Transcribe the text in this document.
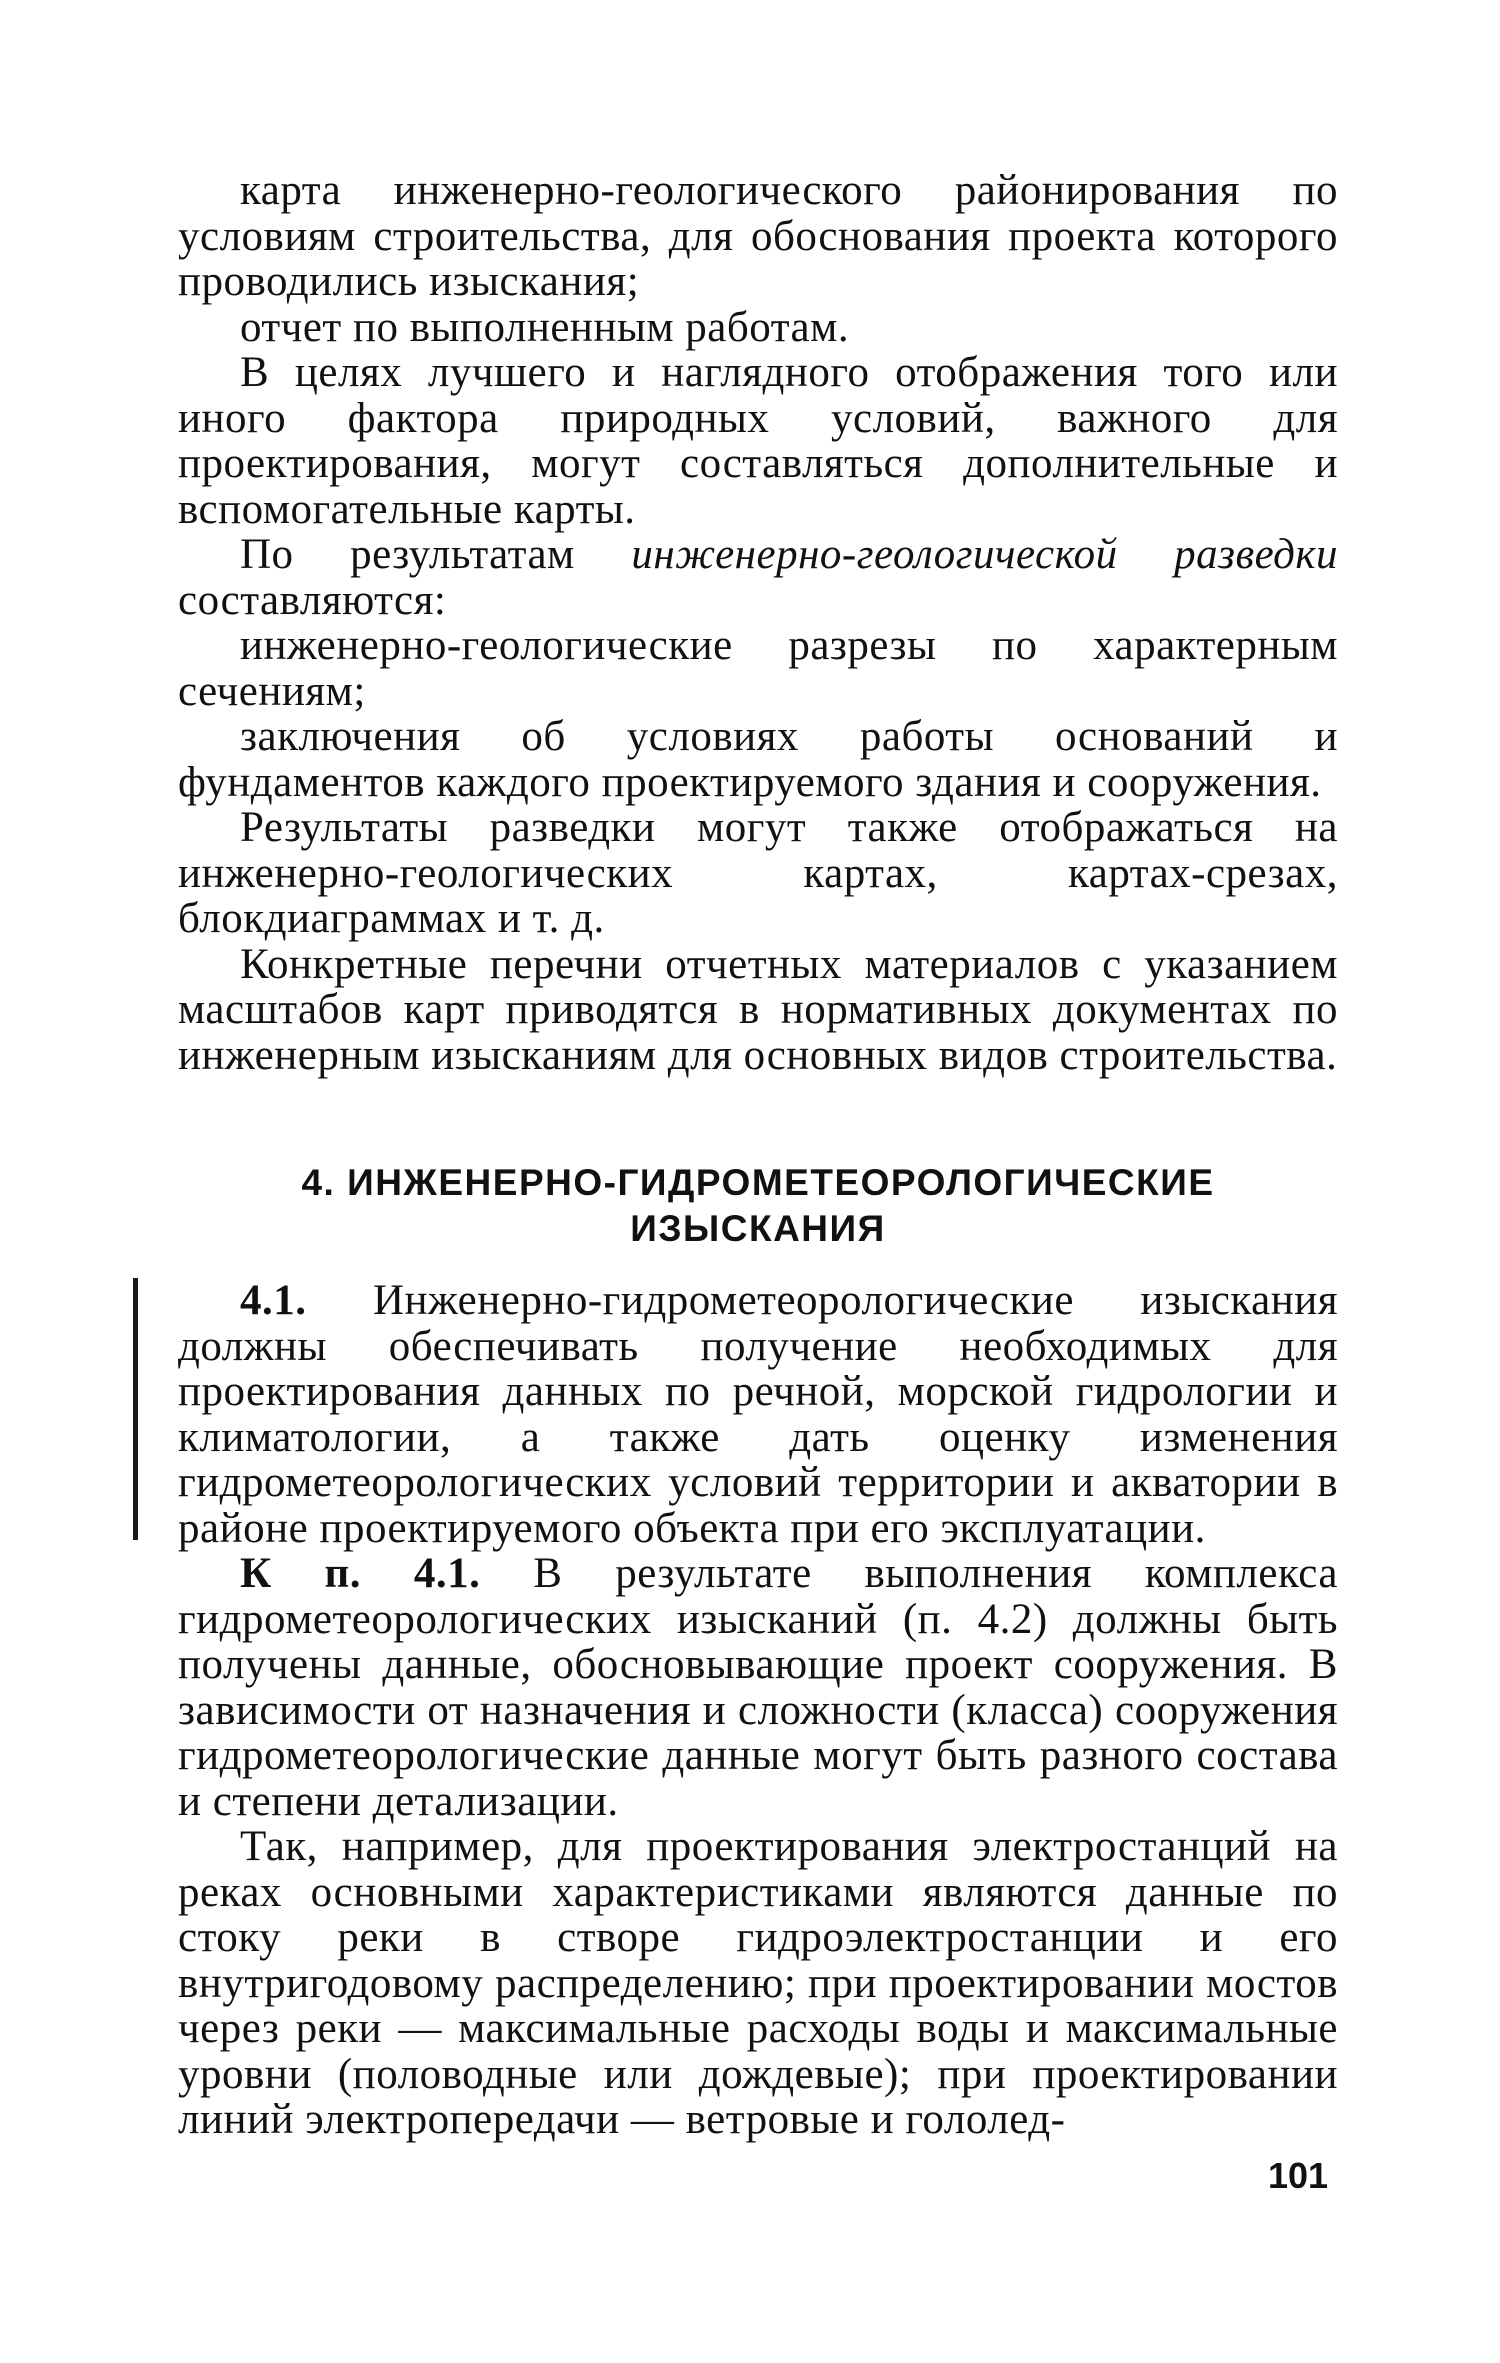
карта инженерно-геологического районирования по условиям строительства, для обоснования проекта которого проводились изыскания;

отчет по выполненным работам.

В целях лучшего и наглядного отображения того или иного фактора природных условий, важного для проектирования, могут составляться дополнительные и вспомогательные карты.

По результатам инженерно-геологической разведки составляются:

инженерно-геологические разрезы по характерным сечениям;

заключения об условиях работы оснований и фундаментов каждого проектируемого здания и сооружения.

Результаты разведки могут также отображаться на инженерно-геологических картах, картах-срезах, блокдиаграммах и т. д.

Конкретные перечни отчетных материалов с указанием масштабов карт приводятся в нормативных документах по инженерным изысканиям для основных видов строительства.

4. ИНЖЕНЕРНО-ГИДРОМЕТЕОРОЛОГИЧЕСКИЕ
ИЗЫСКАНИЯ

4.1. Инженерно-гидрометеорологические изыскания должны обеспечивать получение необходимых для проектирования данных по речной, морской гидрологии и климатологии, а также дать оценку изменения гидрометеорологических условий территории и акватории в районе проектируемого объекта при его эксплуатации.

К п. 4.1. В результате выполнения комплекса гидрометеорологических изысканий (п. 4.2) должны быть получены данные, обосновывающие проект сооружения. В зависимости от назначения и сложности (класса) сооружения гидрометеорологические данные могут быть разного состава и степени детализации.

Так, например, для проектирования электростанций на реках основными характеристиками являются данные по стоку реки в створе гидроэлектростанции и его внутригодовому распределению; при проектировании мостов через реки — максимальные расходы воды и максимальные уровни (половодные или дождевые); при проектировании линий электропередачи — ветровые и гололед-

101
